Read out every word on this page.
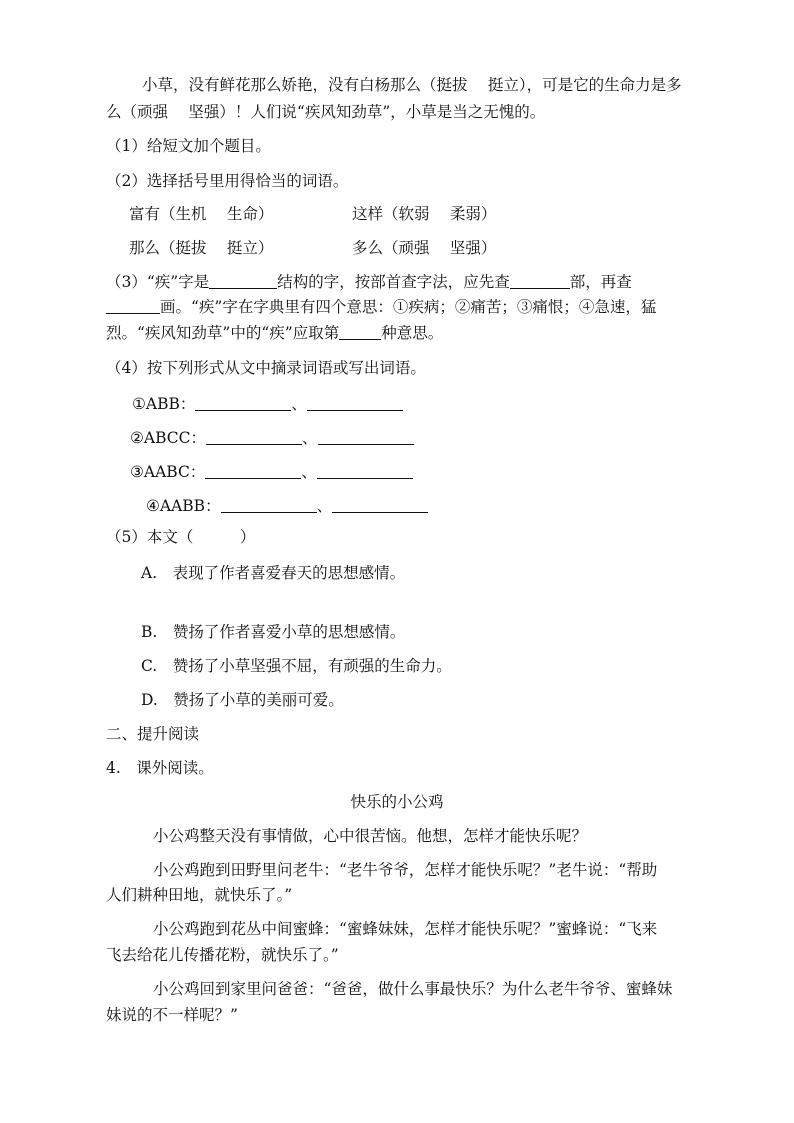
小草，没有鲜花那么娇艳，没有白杨那么（挺拔　 挺立），可是它的生命力是多
么（顽强　 坚强）！人们说“疾风知劲草”，小草是当之无愧的。
（1）给短文加个题目。
（2）选择括号里用得恰当的词语。
富有（生机　 生命）	这样（软弱　 柔弱）
那么（挺拔　 挺立）	多么（顽强　 坚强）
（3）“疾”字是	结构的字，按部首查字法，应先查	部，再查
画。“疾”字在字典里有四个意思：①疾病；②痛苦；③痛恨；④急速，猛
烈。“疾风知劲草”中的“疾”应取第	种意思。
（4）按下列形式从文中摘录词语或写出词语。
①ABB：	、
②ABCC：	、
③AABC：	、
④AABB：	、
（5）本文（　　　）
A.　表现了作者喜爱春天的思想感情。
B.　赞扬了作者喜爱小草的思想感情。
C.　赞扬了小草坚强不屈，有顽强的生命力。
D.　赞扬了小草的美丽可爱。
二、提升阅读
4.　课外阅读。
快乐的小公鸡
小公鸡整天没有事情做，心中很苦恼。他想，怎样才能快乐呢？
小公鸡跑到田野里问老牛：“老牛爷爷，怎样才能快乐呢？”老牛说：“帮助
人们耕种田地，就快乐了。”
小公鸡跑到花丛中间蜜蜂：“蜜蜂妹妹，怎样才能快乐呢？”蜜蜂说：“飞来
飞去给花儿传播花粉，就快乐了。”
小公鸡回到家里问爸爸：“爸爸，做什么事最快乐？为什么老牛爷爷、蜜蜂妹
妹说的不一样呢？”
